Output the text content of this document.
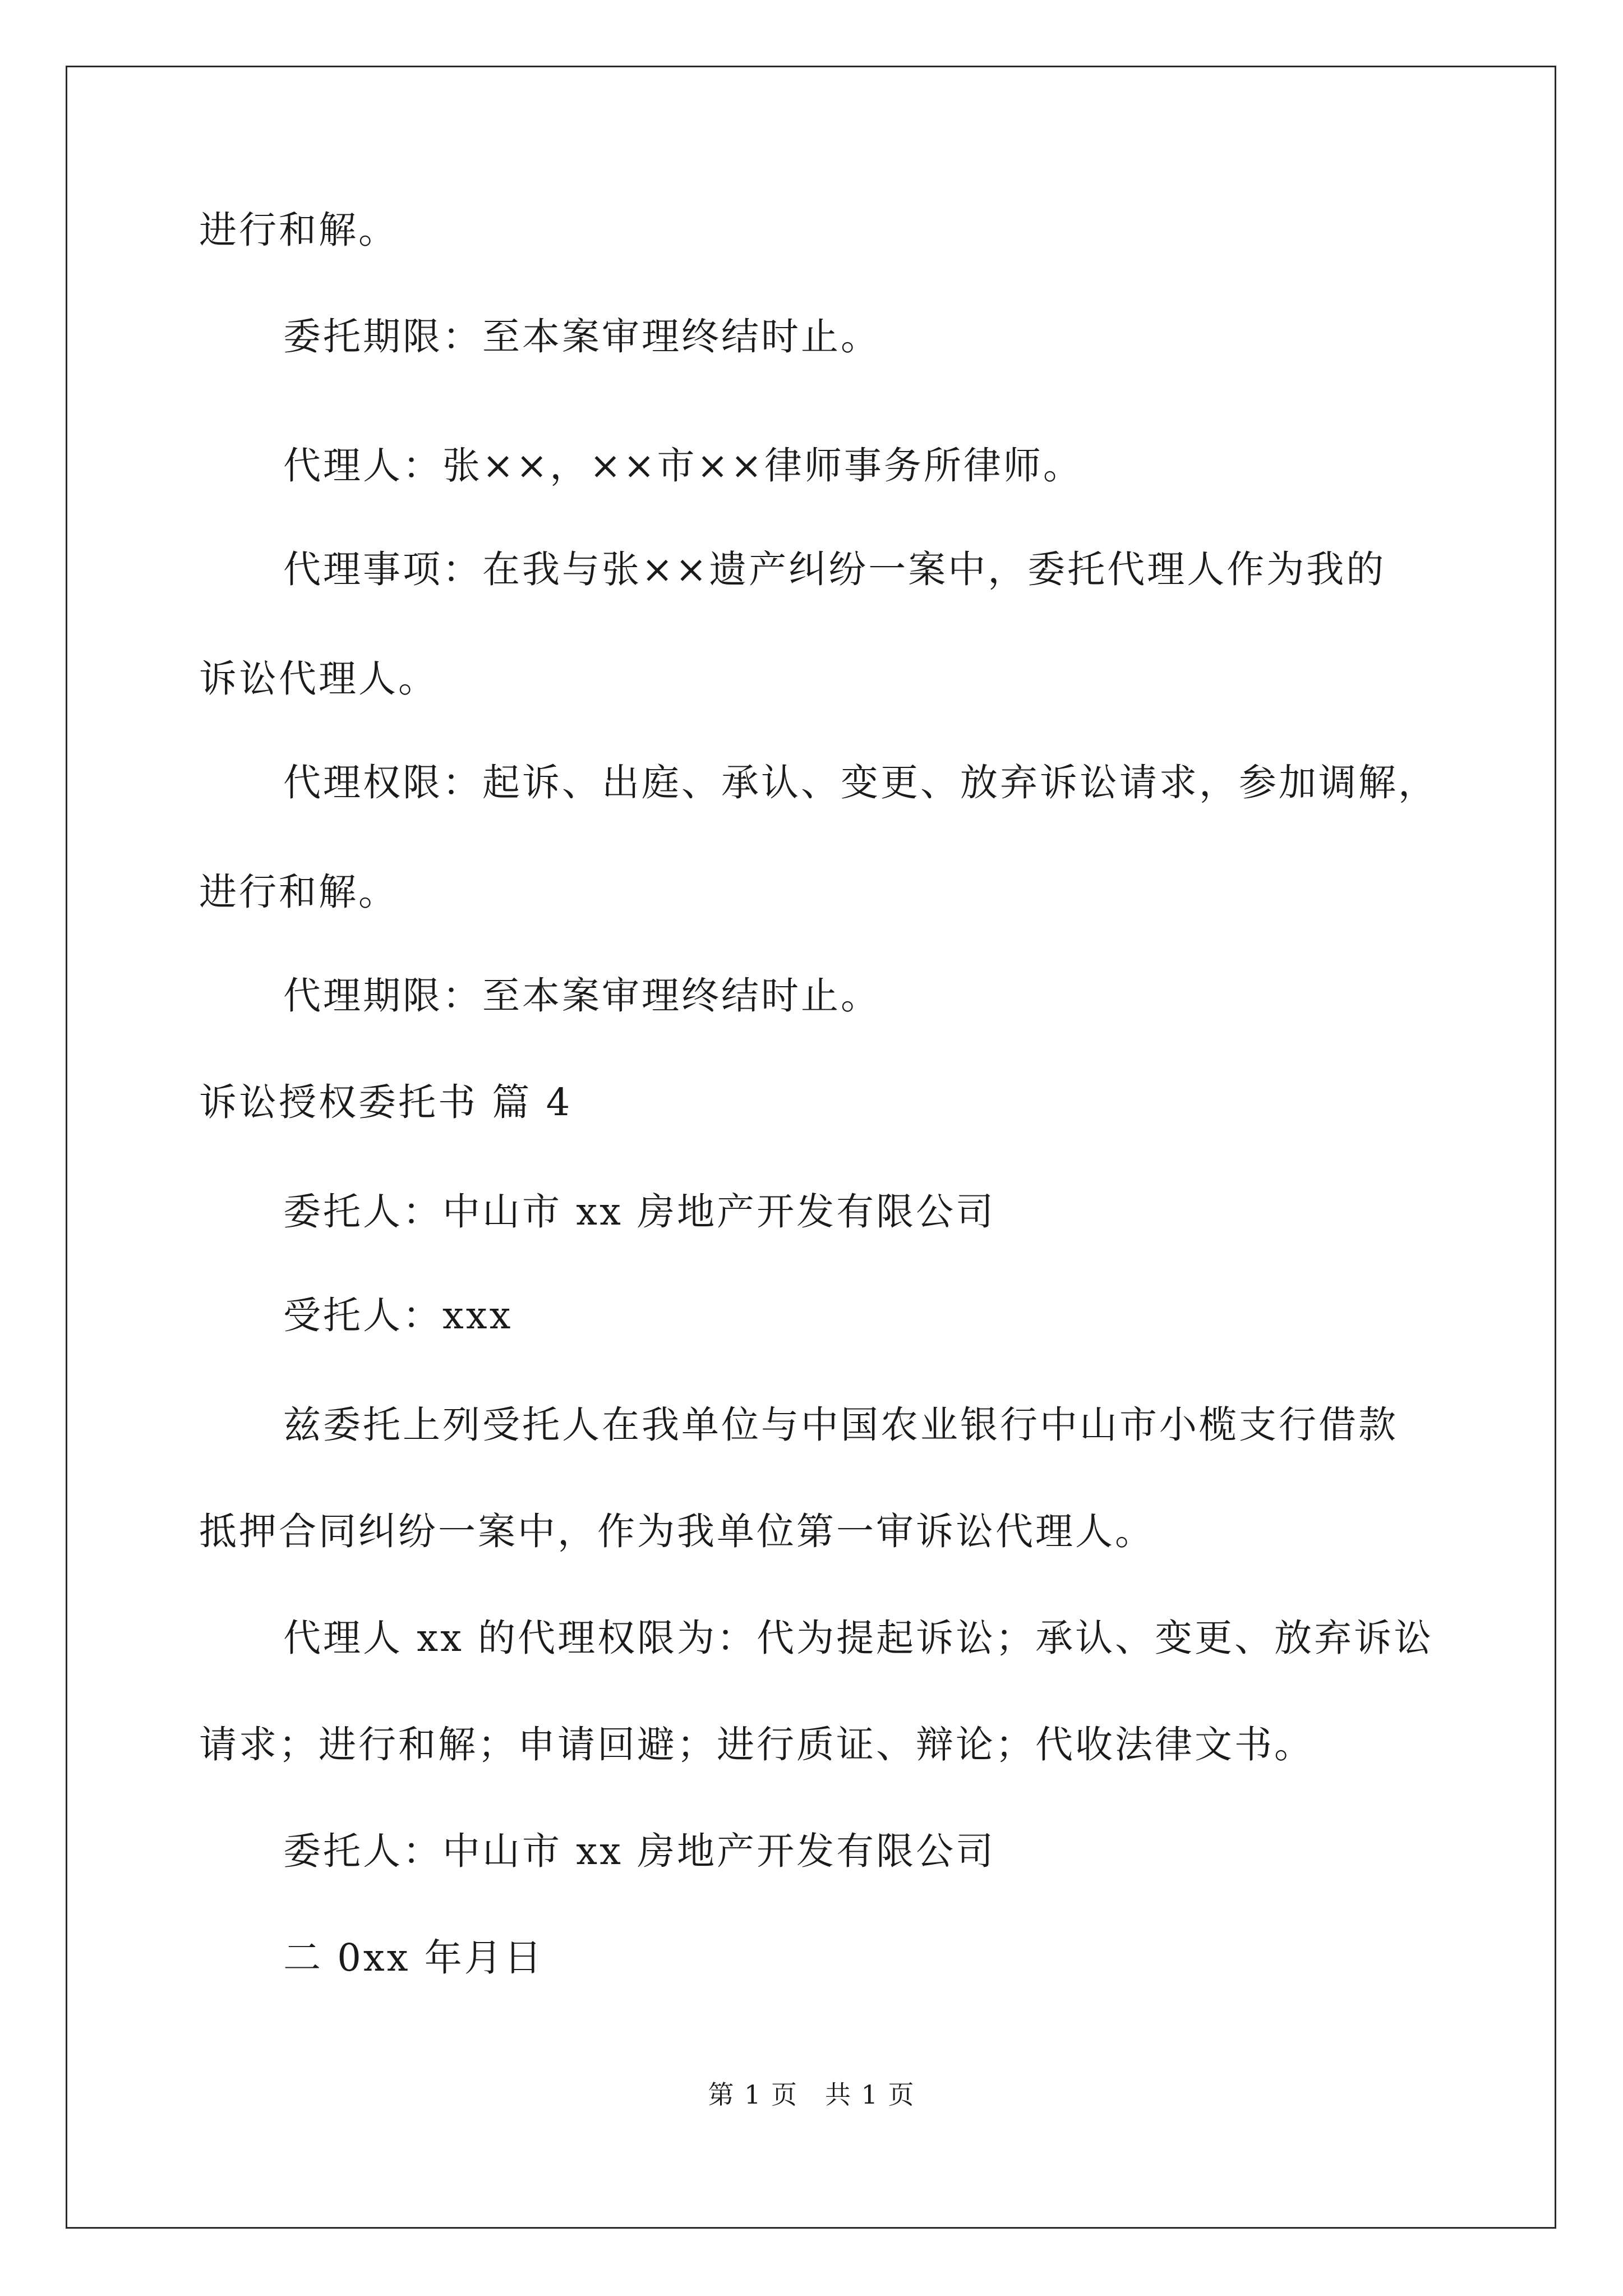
进行和解。
委托期限：至本案审理终结时止。
代理人：张××，××市××律师事务所律师。
代理事项：在我与张××遗产纠纷一案中，委托代理人作为我的
诉讼代理人。
代理权限：起诉、出庭、承认、变更、放弃诉讼请求，参加调解，
进行和解。
代理期限：至本案审理终结时止。
诉讼授权委托书 篇 4
委托人：中山市 xx 房地产开发有限公司
受托人：xxx
兹委托上列受托人在我单位与中国农业银行中山市小榄支行借款
抵押合同纠纷一案中，作为我单位第一审诉讼代理人。
代理人 xx 的代理权限为：代为提起诉讼；承认、变更、放弃诉讼
请求；进行和解；申请回避；进行质证、辩论；代收法律文书。
委托人：中山市 xx 房地产开发有限公司
二 0xx 年月日
第 1 页　共 1 页
